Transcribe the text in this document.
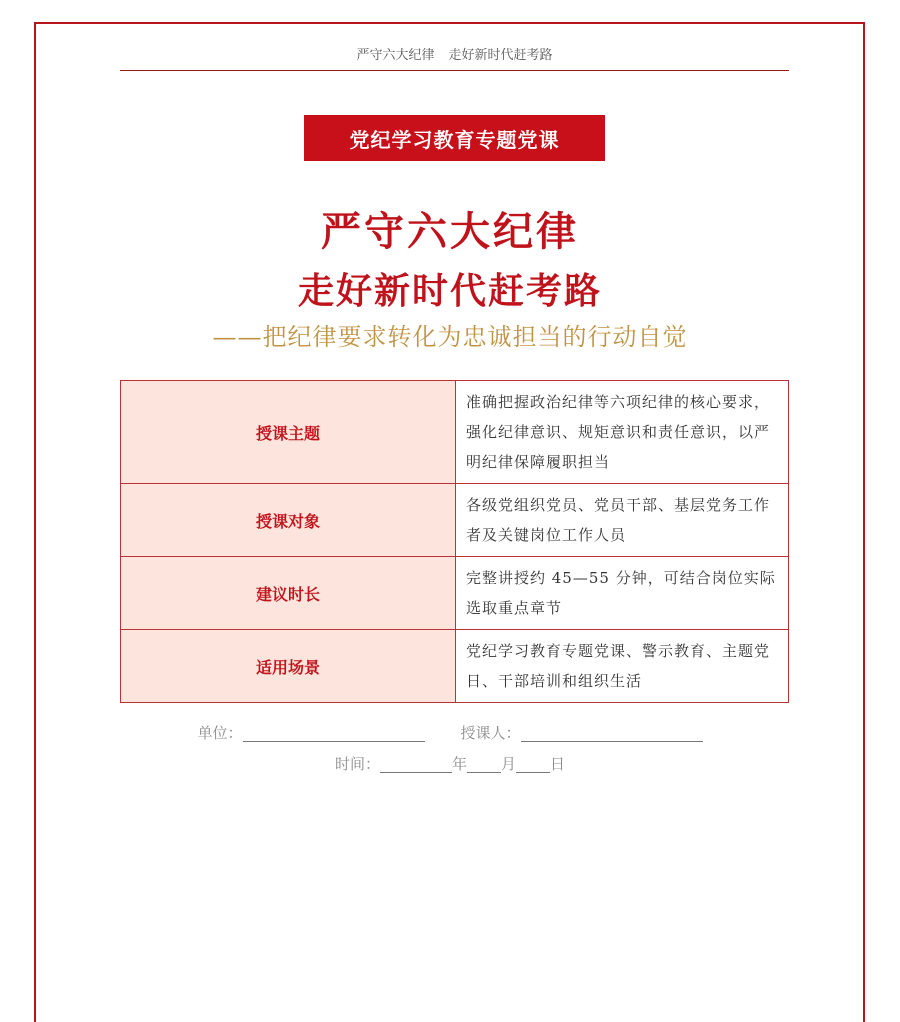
严守六大纪律 走好新时代赶考路
党纪学习教育专题党课
严守六大纪律
走好新时代赶考路
——把纪律要求转化为忠诚担当的行动自觉
授课主题	准确把握政治纪律等六项纪律的核心要求，强化纪律意识、规矩意识和责任意识，以严明纪律保障履职担当
授课对象	各级党组织党员、党员干部、基层党务工作者及关键岗位工作人员
建议时长	完整讲授约 45—55 分钟，可结合岗位实际选取重点章节
适用场景	党纪学习教育专题党课、警示教育、主题党日、干部培训和组织生活
单位：	授课人：
时间：	年 月 日
